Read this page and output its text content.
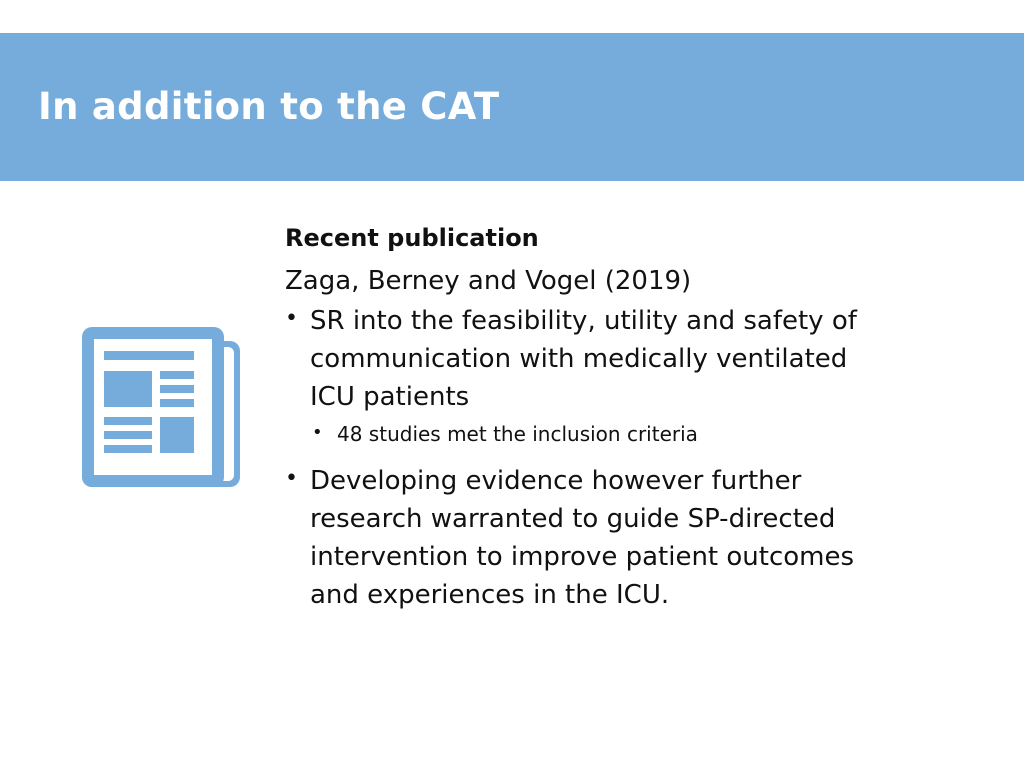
In addition to the CAT
Recent publication
Zaga, Berney and Vogel (2019)
• SR into the feasibility, utility and safety of
communication with medically ventilated
ICU patients
• 48 studies met the inclusion criteria
• Developing evidence however further
research warranted to guide SP-directed
intervention to improve patient outcomes
and experiences in the ICU.
